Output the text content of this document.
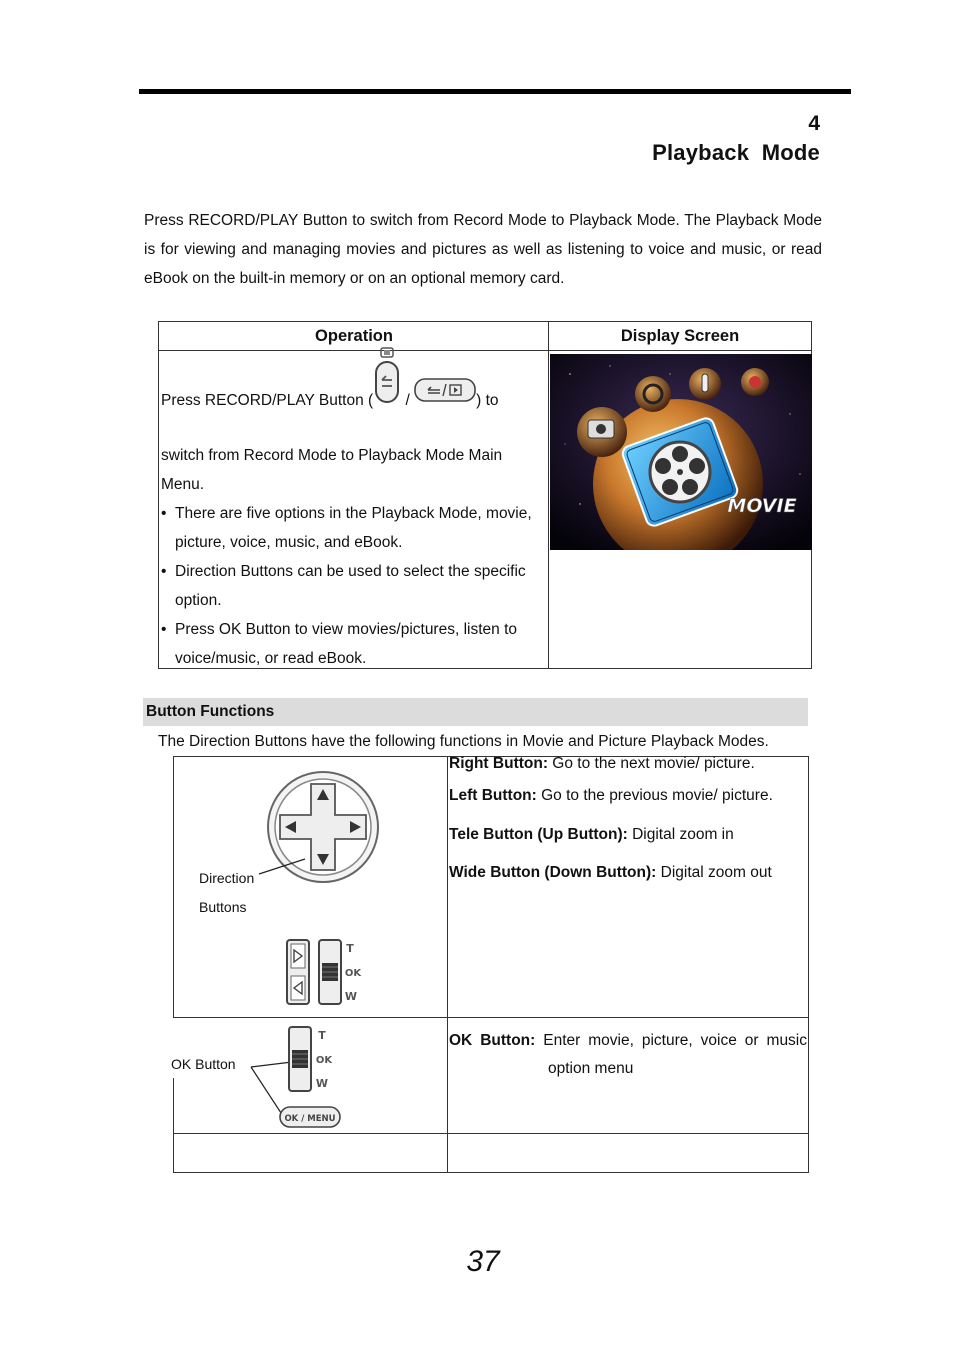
4
Playback  Mode
Press RECORD/PLAY Button to switch from Record Mode to Playback Mode. The Playback Mode is for viewing and managing movies and pictures as well as listening to voice and music, or read eBook on the built-in memory or on an optional memory card.
Operation	Display Screen
Press RECORD/PLAY Button ( /	) to
switch from Record Mode to Playback Mode Main Menu.
• There are five options in the Playback Mode, movie, picture, voice, music, and eBook.
• Direction Buttons can be used to select the specific option.
• Press OK Button to view movies/pictures, listen to voice/music, or read eBook.
MOVIE
Button Functions
The Direction Buttons have the following functions in Movie and Picture Playback Modes.
Direction
Buttons
T
OK
W
Right Button: Go to the next movie/ picture.
Left Button: Go to the previous movie/ picture.
Tele Button (Up Button): Digital zoom in
Wide Button (Down Button): Digital zoom out
OK Button
T
OK
W
OK / MENU
OK Button: Enter movie, picture, voice or music
option menu
37
